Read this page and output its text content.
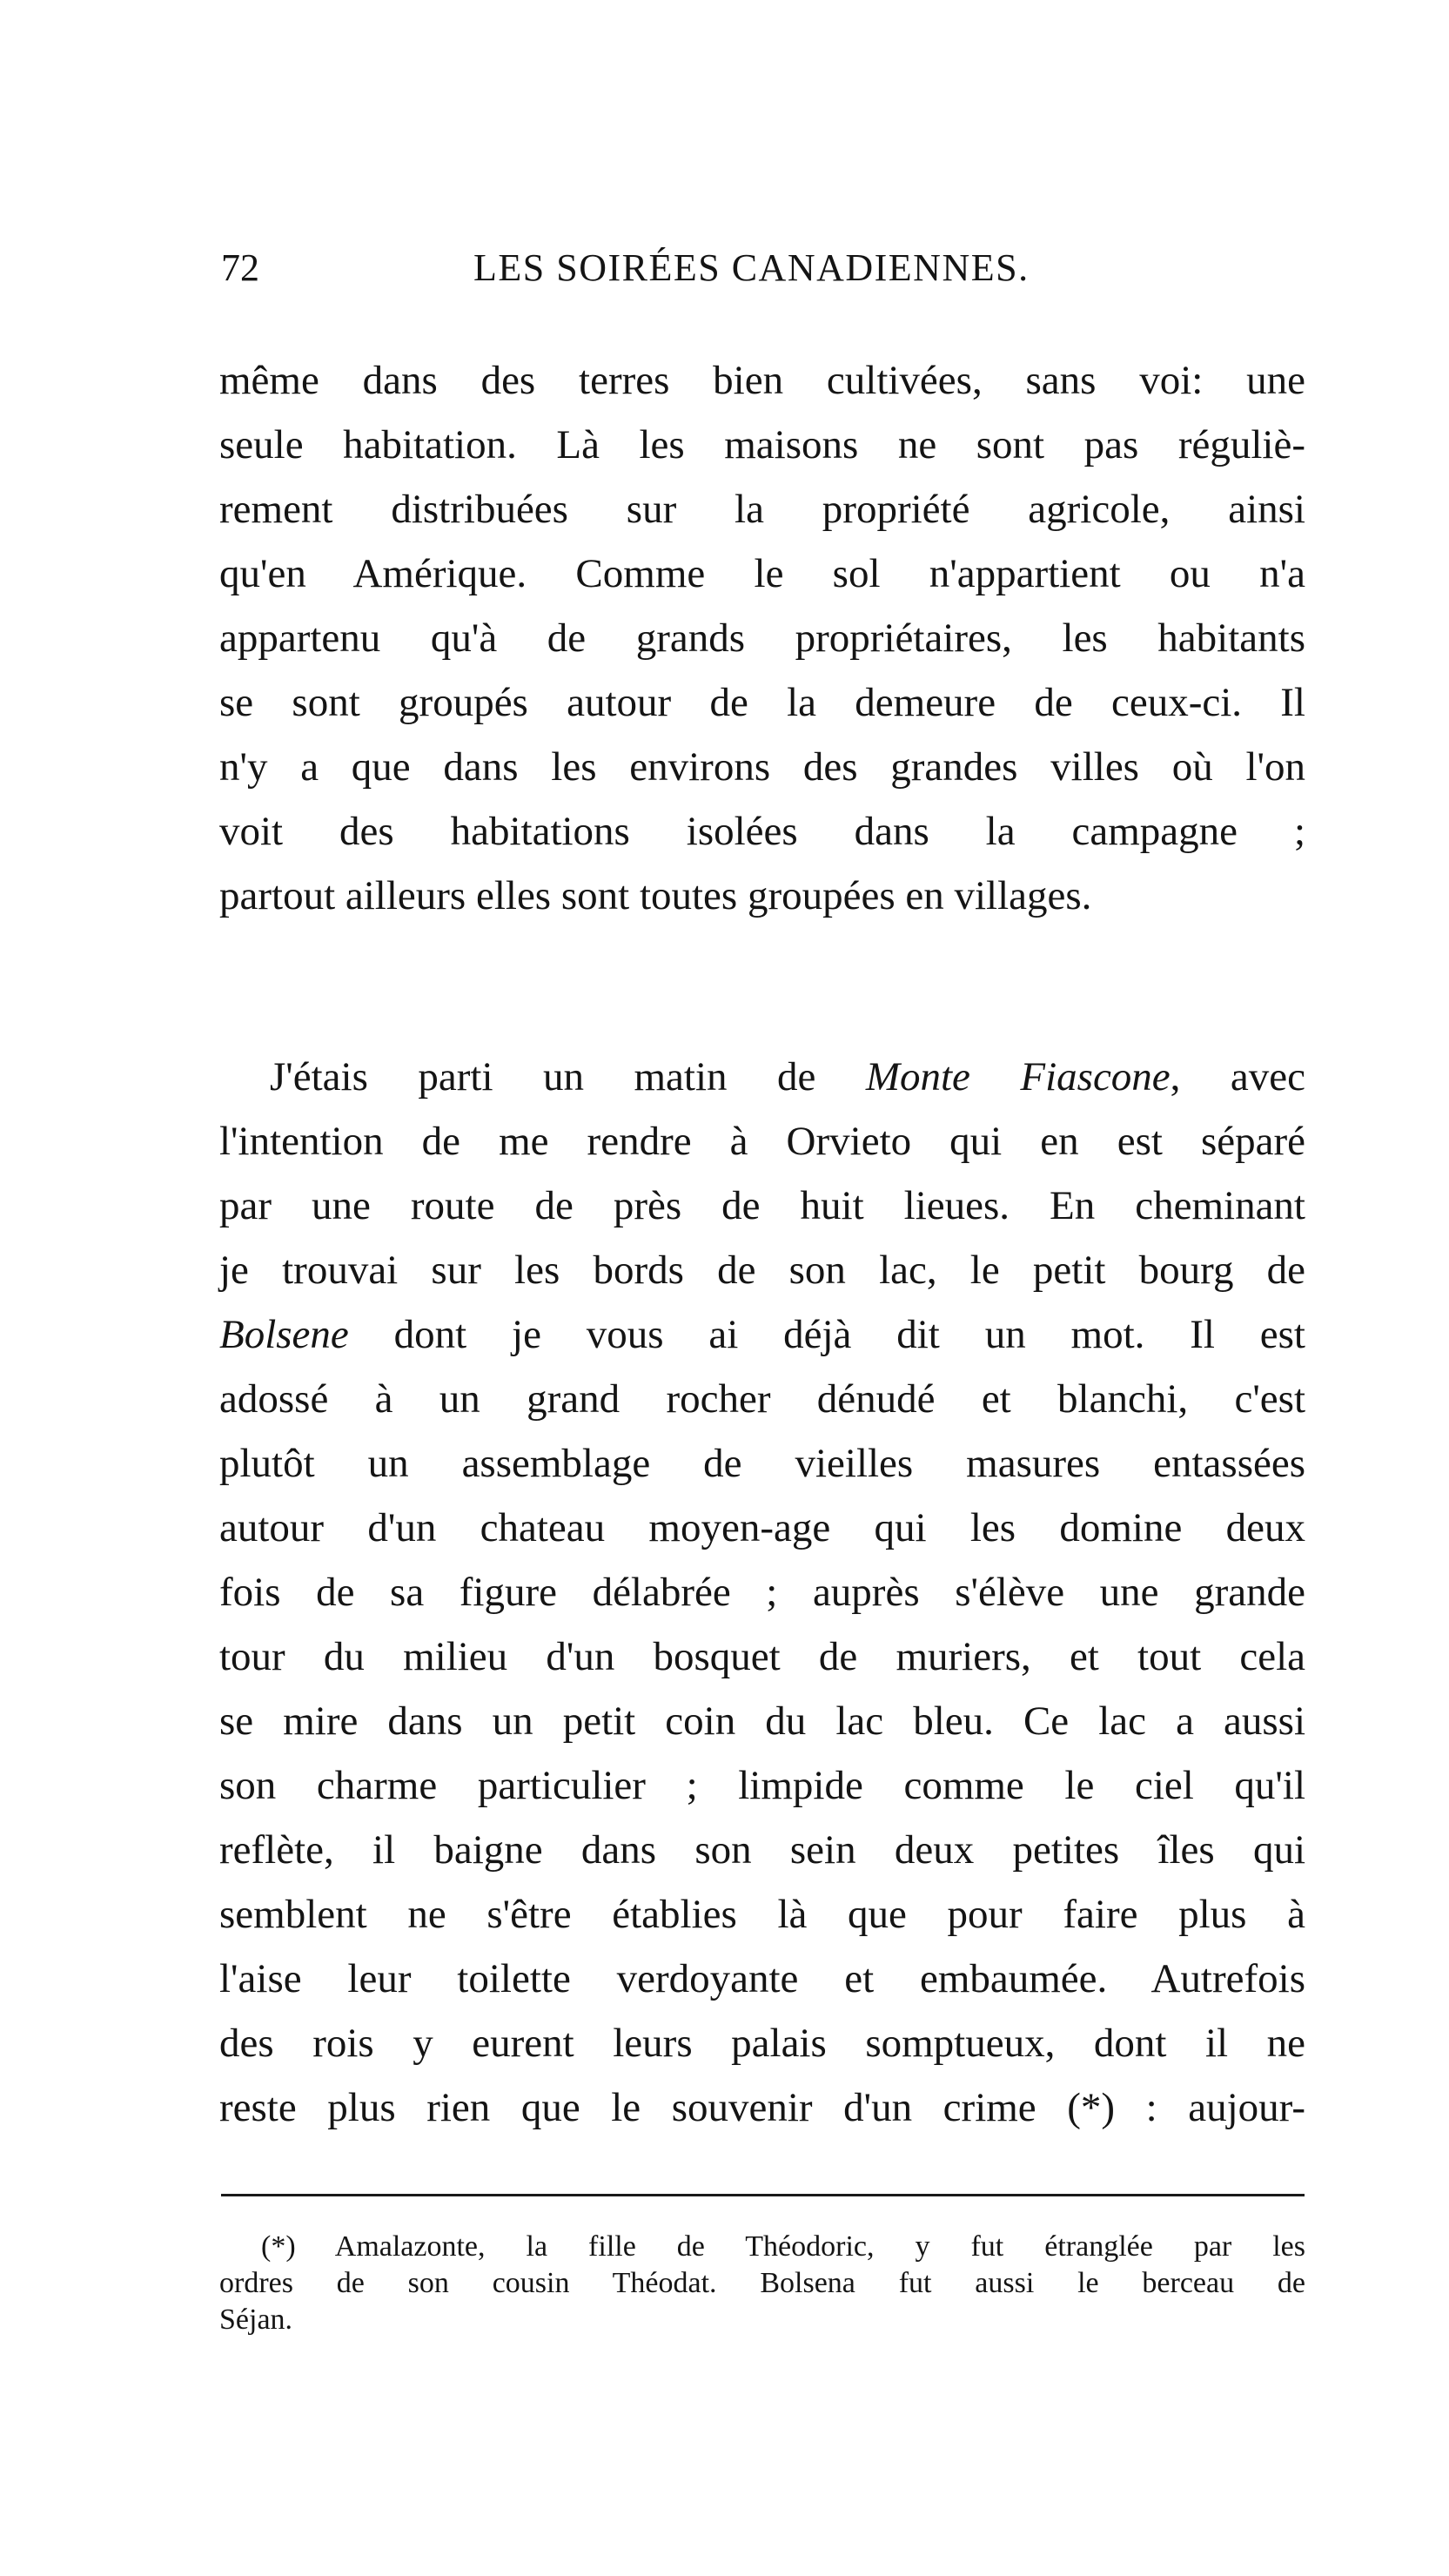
72	LES SOIRÉES CANADIENNES.
même dans des terres bien cultivées, sans voi: une
seule habitation. Là les maisons ne sont pas réguliè-
rement distribuées sur la propriété agricole, ainsi
qu'en Amérique. Comme le sol n'appartient ou n'a
appartenu qu'à de grands propriétaires, les habitants
se sont groupés autour de la demeure de ceux-ci. Il
n'y a que dans les environs des grandes villes où l'on
voit des habitations isolées dans la campagne ;
partout ailleurs elles sont toutes groupées en villages.
J'étais parti un matin de Monte Fiascone, avec
l'intention de me rendre à Orvieto qui en est séparé
par une route de près de huit lieues. En cheminant
je trouvai sur les bords de son lac, le petit bourg de
Bolsene dont je vous ai déjà dit un mot. Il est
adossé à un grand rocher dénudé et blanchi, c'est
plutôt un assemblage de vieilles masures entassées
autour d'un chateau moyen-age qui les domine deux
fois de sa figure délabrée ; auprès s'élève une grande
tour du milieu d'un bosquet de muriers, et tout cela
se mire dans un petit coin du lac bleu. Ce lac a aussi
son charme particulier ; limpide comme le ciel qu'il
reflète, il baigne dans son sein deux petites îles qui
semblent ne s'être établies là que pour faire plus à
l'aise leur toilette verdoyante et embaumée. Autrefois
des rois y eurent leurs palais somptueux, dont il ne
reste plus rien que le souvenir d'un crime (*) : aujour-
(*) Amalazonte, la fille de Théodoric, y fut étranglée par les
ordres de son cousin Théodat. Bolsena fut aussi le berceau de
Séjan.
